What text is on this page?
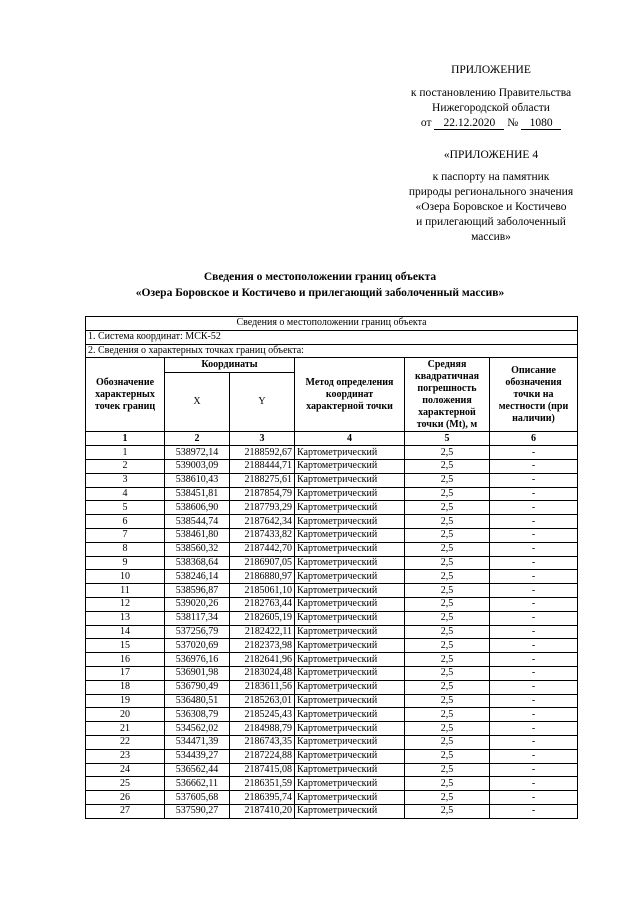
ПРИЛОЖЕНИЕ
к постановлению Правительства
Нижегородской области
от 22.12.2020 № 1080
«ПРИЛОЖЕНИЕ 4
к паспорту на памятник
природы регионального значения
«Озера Боровское и Костичево
и прилегающий заболоченный
массив»
Сведения о местоположении границ объекта
«Озера Боровское и Костичево и прилегающий заболоченный массив»
Сведения о местоположении границ объекта					
1. Система координат: МСК-52					
2. Сведения о характерных точках границ объекта:					
Обозначение характерных точек границ	Координаты		Метод определения координат характерной точки	Средняя квадратичная погрешность положения характерной точки (Mt), м	Описание обозначения точки на местности (при наличии)
	X	Y			
1	2	3	4	5	6
1	538972,14	2188592,67	Картометрический	2,5	-
2	539003,09	2188444,71	Картометрический	2,5	-
3	538610,43	2188275,61	Картометрический	2,5	-
4	538451,81	2187854,79	Картометрический	2,5	-
5	538606,90	2187793,29	Картометрический	2,5	-
6	538544,74	2187642,34	Картометрический	2,5	-
7	538461,80	2187433,82	Картометрический	2,5	-
8	538560,32	2187442,70	Картометрический	2,5	-
9	538368,64	2186907,05	Картометрический	2,5	-
10	538246,14	2186880,97	Картометрический	2,5	-
11	538596,87	2185061,10	Картометрический	2,5	-
12	539020,26	2182763,44	Картометрический	2,5	-
13	538117,34	2182605,19	Картометрический	2,5	-
14	537256,79	2182422,11	Картометрический	2,5	-
15	537020,69	2182373,98	Картометрический	2,5	-
16	536976,16	2182641,96	Картометрический	2,5	-
17	536901,98	2183024,48	Картометрический	2,5	-
18	536790,49	2183611,56	Картометрический	2,5	-
19	536480,51	2185263,01	Картометрический	2,5	-
20	536308,79	2185245,43	Картометрический	2,5	-
21	534562,02	2184988,79	Картометрический	2,5	-
22	534471,39	2186743,35	Картометрический	2,5	-
23	534439,27	2187224,88	Картометрический	2,5	-
24	536562,44	2187415,08	Картометрический	2,5	-
25	536662,11	2186351,59	Картометрический	2,5	-
26	537605,68	2186395,74	Картометрический	2,5	-
27	537590,27	2187410,20	Картометрический	2,5	-
